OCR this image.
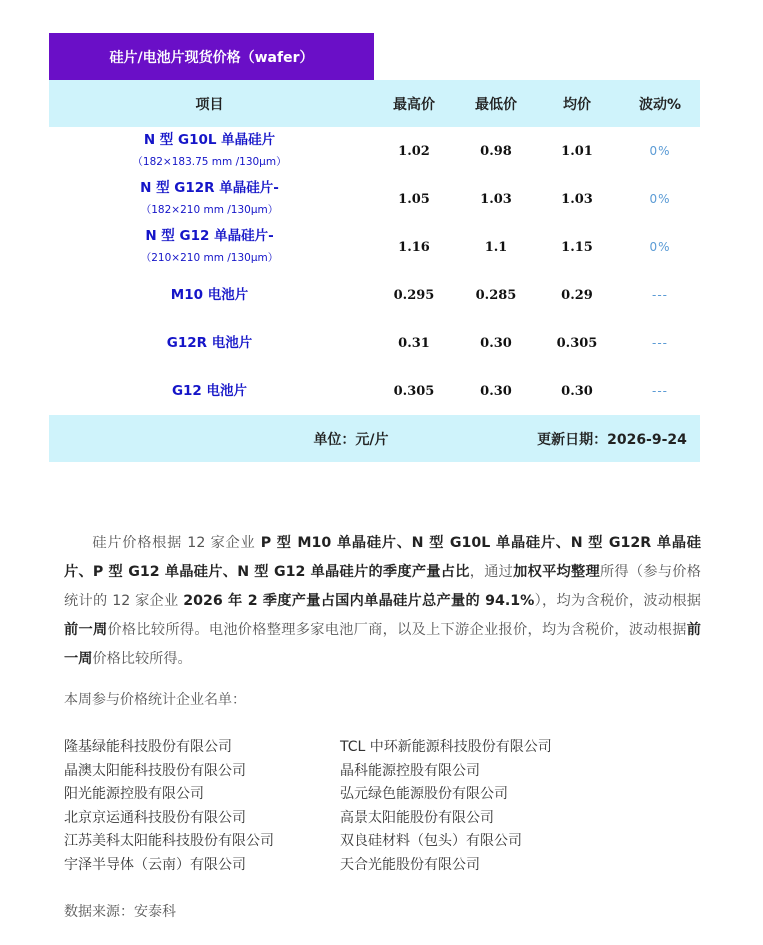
硅片/电池片现货价格（wafer）
项目	最高价	最低价	均价	波动%

N 型 G10L 单晶硅片
（182×183.75 mm /130μm）	1.02	0.98	1.01	0%

N 型 G12R 单晶硅片-
（182×210 mm /130μm）	1.05	1.03	1.03	0%

N 型 G12 单晶硅片-
（210×210 mm /130μm）	1.16	1.1	1.15	0%

M10 电池片	0.295	0.285	0.29	---

G12R 电池片	0.31	0.30	0.305	---

G12 电池片	0.305	0.30	0.30	---
单位：元/片			更新日期：2026-9-24	

硅片价格根据 12 家企业 P 型 M10 单晶硅片、N 型 G10L 单晶硅片、N 型 G12R 单晶硅片、P 型 G12 单晶硅片、N 型 G12 单晶硅片的季度产量占比，通过加权平均整理所得（参与价格统计的 12 家企业 2026 年 2 季度产量占国内单晶硅片总产量的 94.1%），均为含税价，波动根据前一周价格比较所得。电池价格整理多家电池厂商，以及上下游企业报价，均为含税价，波动根据前一周价格比较所得。

本周参与价格统计企业名单：
隆基绿能科技股份有限公司	TCL 中环新能源科技股份有限公司
晶澳太阳能科技股份有限公司	晶科能源控股有限公司
阳光能源控股有限公司	弘元绿色能源股份有限公司
北京京运通科技股份有限公司	高景太阳能股份有限公司
江苏美科太阳能科技股份有限公司	双良硅材料（包头）有限公司
宇泽半导体（云南）有限公司	天合光能股份有限公司
数据来源：安泰科
